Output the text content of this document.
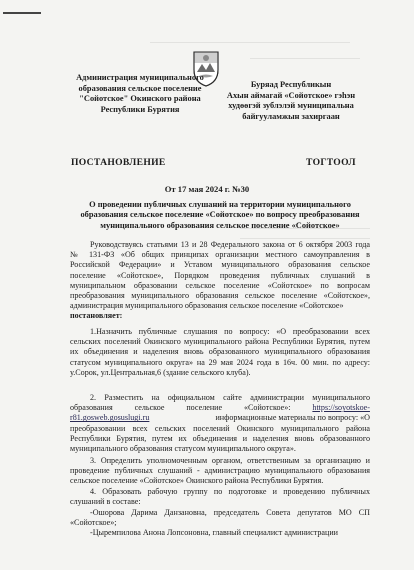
Администрация муниципального
образования сельское поселение
"Сойотское" Окинского района
Республики Бурятия
Буряад Республикын
Ахын аймагай «Сойотское» гэhэн
худөөгэй зублэлэй муниципальна
байгууламжын захиргаан
ПОСТАНОВЛЕНИЕ	ТОГТООЛ
От 17 мая 2024 г. №30
О проведении публичных слушаний на территории муниципального
образования сельское поселение «Сойотское» по вопросу преобразования
муниципального образования сельское поселение «Сойотское»
Руководствуясь статьями 13 и 28 Федерального закона от 6 октября 2003 года
№ 131-ФЗ «Об общих принципах организации местного самоуправления в
Российской Федерации» и Уставом муниципального образования сельское
поселение «Сойотское», Порядком проведения публичных слушаний в
муниципальном образовании сельское поселение «Сойотское» по вопросам
преобразования муниципального образования сельское поселение «Сойотское»,
администрация муниципального образования сельское поселение «Сойотское»
постановляет:
1.Назначить публичные слушания по вопросу: «О преобразовании всех
сельских поселений Окинского муниципального района Республики Бурятия, путем
их объединения и наделения вновь образованного муниципального образования
статусом муниципального округа» на 29 мая 2024 года в 16ч. 00 мин. по адресу:
у.Сорок, ул.Центральная,6 (здание сельского клуба).
2. Разместить на официальном сайте администрации муниципального
образования	сельское	поселение	«Сойотское»:	https://soyotskoe-
r81.gosweb.gosuslugi.ru	информационные материалы по вопросу: «О
преобразовании всех сельских поселений Окинского муниципального района
Республики Бурятия, путем их объединения и наделения вновь образованного
муниципального образования статусом муниципального округа».
3. Определить уполномоченным органом, ответственным за организацию и
проведение публичных слушаний - администрацию муниципального образования
сельское поселение «Сойотское» Окинского района Республики Бурятия.
4. Образовать рабочую группу по подготовке и проведению публичных
слушаний в составе:
-Ошорова Дарима Данзановна, председатель Совета депутатов МО СП
«Сойотское»;
-Цыремпилова Анона Лопсоновна, главный специалист администрации
